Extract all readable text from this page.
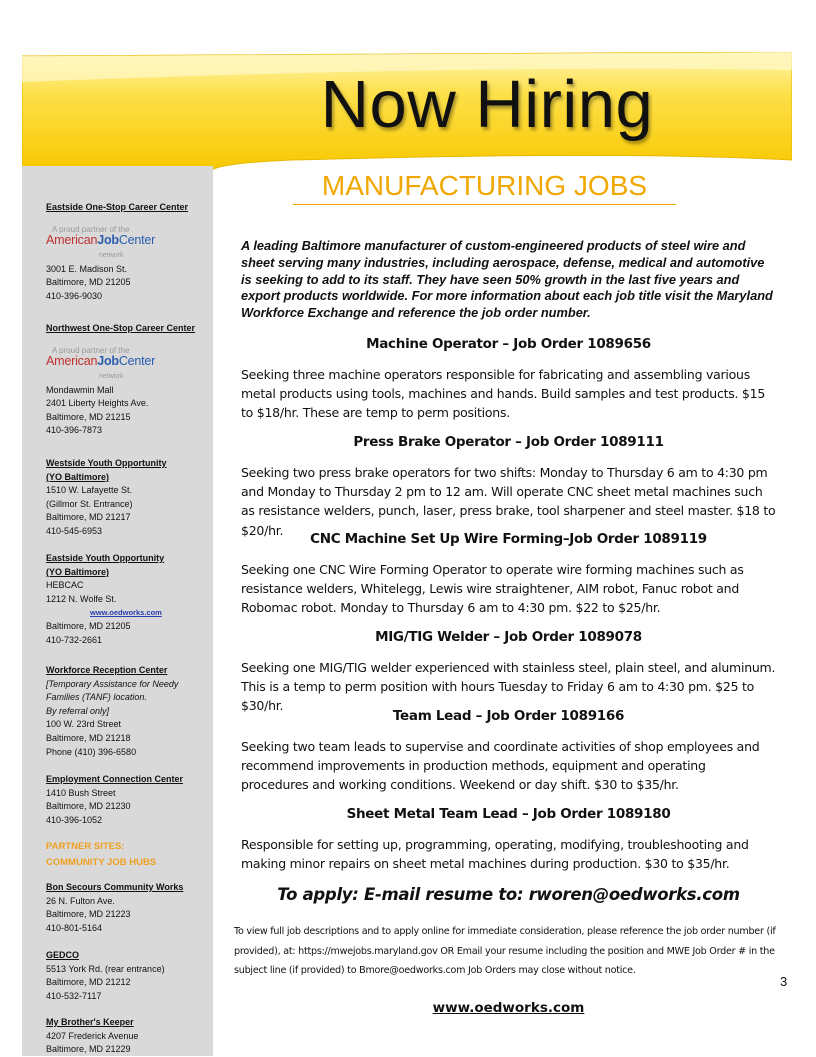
Now Hiring
Eastside One-Stop Career Center
A proud partner of the
AmericanJobCenter
network
3001 E. Madison St.
Baltimore, MD 21205
410-396-9030
Northwest One-Stop Career Center
A proud partner of the
AmericanJobCenter
network
Mondawmin Mall
2401 Liberty Heights Ave.
Baltimore, MD 21215
410-396-7873
Westside Youth Opportunity
(YO Baltimore)
1510 W. Lafayette St.
(Gillmor St. Entrance)
Baltimore, MD 21217
410-545-6953
Eastside Youth Opportunity
(YO Baltimore)
HEBCAC
1212 N. Wolfe St.
www.oedworks.com
Baltimore, MD 21205
410-732-2661
Workforce Reception Center
[Temporary Assistance for Needy
Families (TANF) location.
By referral only]
100 W. 23rd Street
Baltimore, MD 21218
Phone (410) 396-6580
Employment Connection Center
1410 Bush Street
Baltimore, MD 21230
410-396-1052
PARTNER SITES:
COMMUNITY JOB HUBS
Bon Secours Community Works
26 N. Fulton Ave.
Baltimore, MD 21223
410-801-5164
GEDCO
5513 York Rd. (rear entrance)
Baltimore, MD 21212
410-532-7117
My Brother's Keeper
4207 Frederick Avenue
Baltimore, MD 21229
MANUFACTURING JOBS
A leading Baltimore manufacturer of custom-engineered products of steel wire and sheet serving many industries, including aerospace, defense, medical and automotive is seeking to add to its staff. They have seen 50% growth in the last five years and export products worldwide. For more information about each job title visit the Maryland Workforce Exchange and reference the job order number.
Machine Operator – Job Order 1089656
Seeking three machine operators responsible for fabricating and assembling various metal products using tools, machines and hands. Build samples and test products. $15 to $18/hr. These are temp to perm positions.
Press Brake Operator – Job Order 1089111
Seeking two press brake operators for two shifts: Monday to Thursday 6 am to 4:30 pm and Monday to Thursday 2 pm to 12 am. Will operate CNC sheet metal machines such as resistance welders, punch, laser, press brake, tool sharpener and steel master. $18 to $20/hr.
CNC Machine Set Up Wire Forming–Job Order 1089119
Seeking one CNC Wire Forming Operator to operate wire forming machines such as resistance welders, Whitelegg, Lewis wire straightener, AIM robot, Fanuc robot and Robomac robot. Monday to Thursday 6 am to 4:30 pm. $22 to $25/hr.
MIG/TIG Welder – Job Order 1089078
Seeking one MIG/TIG welder experienced with stainless steel, plain steel, and aluminum. This is a temp to perm position with hours Tuesday to Friday 6 am to 4:30 pm. $25 to $30/hr.
Team Lead – Job Order 1089166
Seeking two team leads to supervise and coordinate activities of shop employees and recommend improvements in production methods, equipment and operating procedures and working conditions. Weekend or day shift. $30 to $35/hr.
Sheet Metal Team Lead – Job Order 1089180
Responsible for setting up, programming, operating, modifying, troubleshooting and making minor repairs on sheet metal machines during production. $30 to $35/hr.
To apply: E-mail resume to: rworen@oedworks.com
To view full job descriptions and to apply online for immediate consideration, please reference the job order number (if provided), at: https://mwejobs.maryland.gov OR Email your resume including the position and MWE Job Order # in the subject line (if provided) to Bmore@oedworks.com Job Orders may close without notice.
3
www.oedworks.com
